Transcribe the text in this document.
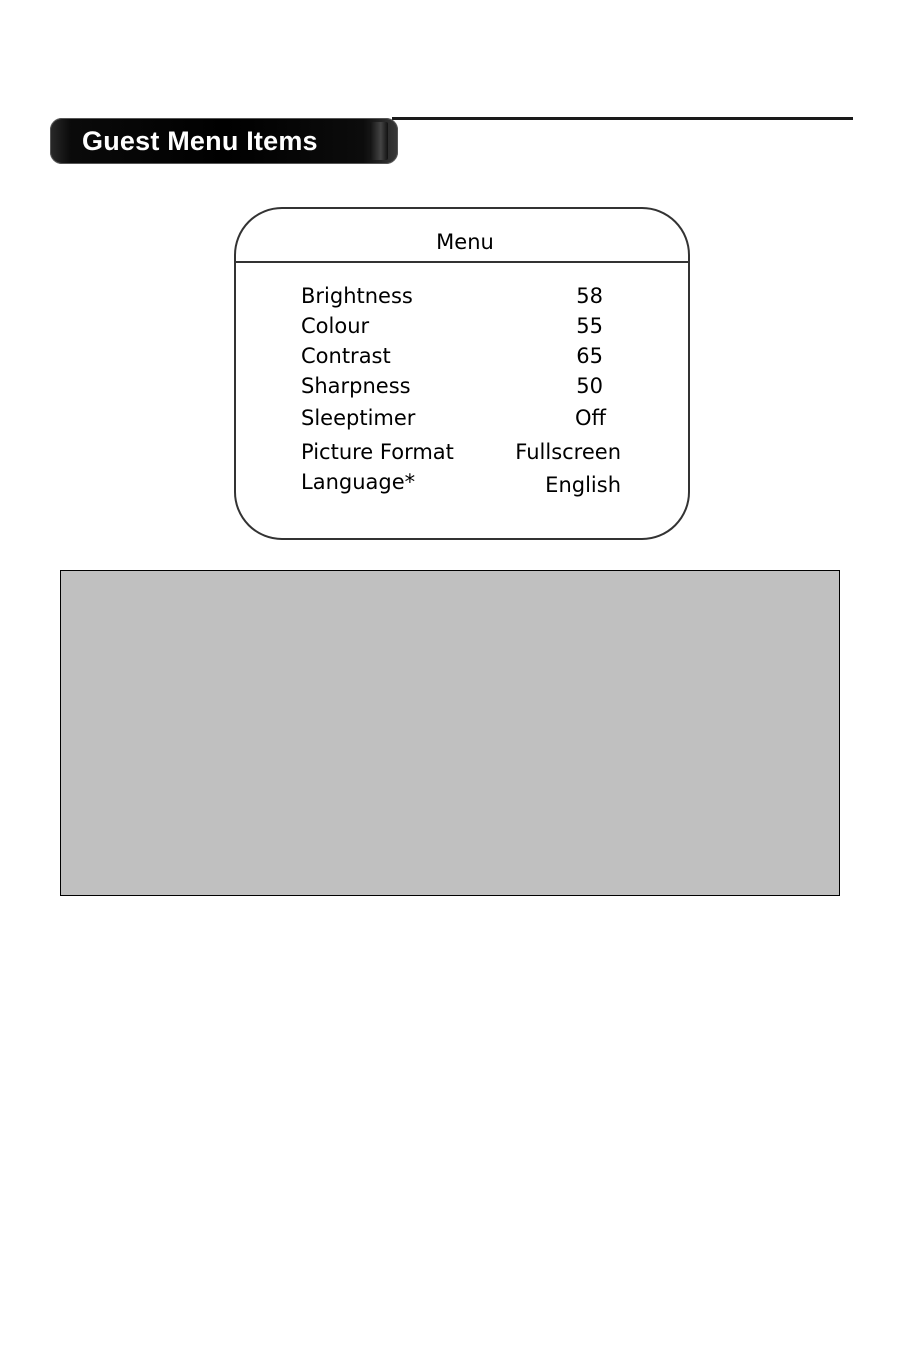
Guest Menu Items
Menu
Brightness	58
Colour	55
Contrast	65
Sharpness	50
Sleeptimer	Off
Picture Format	Fullscreen
Language*	English
